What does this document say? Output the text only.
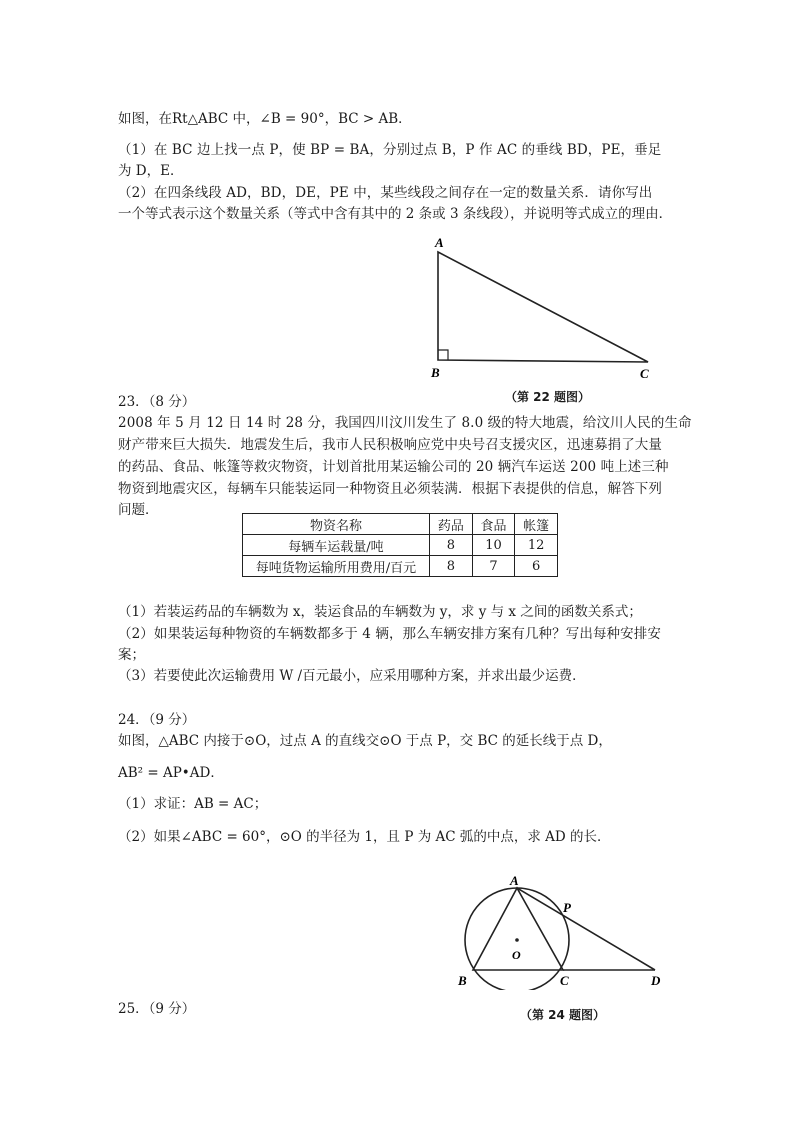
如图，在Rt△ABC 中，∠B = 90°，BC > AB．
（1）在 BC 边上找一点 P，使 BP = BA，分别过点 B，P 作 AC 的垂线 BD，PE，垂足
为 D，E．
（2）在四条线段 AD，BD，DE，PE 中，某些线段之间存在一定的数量关系．请你写出
一个等式表示这个数量关系（等式中含有其中的 2 条或 3 条线段），并说明等式成立的理由．
A
B	C
（第 22 题图）
23．（8 分）
2008 年 5 月 12 日 14 时 28 分，我国四川汶川发生了 8.0 级的特大地震，给汶川人民的生命
财产带来巨大损失．地震发生后，我市人民积极响应党中央号召支援灾区，迅速募捐了大量
的药品、食品、帐篷等救灾物资，计划首批用某运输公司的 20 辆汽车运送 200 吨上述三种
物资到地震灾区，每辆车只能装运同一种物资且必须装满．根据下表提供的信息，解答下列
问题．
物资名称	药品	食品	帐篷
每辆车运载量/吨	8	10	12
每吨货物运输所用费用/百元	8	7	6
（1）若装运药品的车辆数为 x，装运食品的车辆数为 y，求 y 与 x 之间的函数关系式；
（2）如果装运每种物资的车辆数都多于 4 辆，那么车辆安排方案有几种？写出每种安排安
案；
（3）若要使此次运输费用 W /百元最小，应采用哪种方案，并求出最少运费．
24．（9 分）
如图，△ABC 内接于⊙O，过点 A 的直线交⊙O 于点 P，交 BC 的延长线于点 D，
AB² = AP•AD．
（1）求证：AB = AC；
（2）如果∠ABC = 60°，⊙O 的半径为 1，且 P 为 AC 弧的中点，求 AD 的长．
A
P
O
B	C	D
（第 24 题图）
25．（9 分）
